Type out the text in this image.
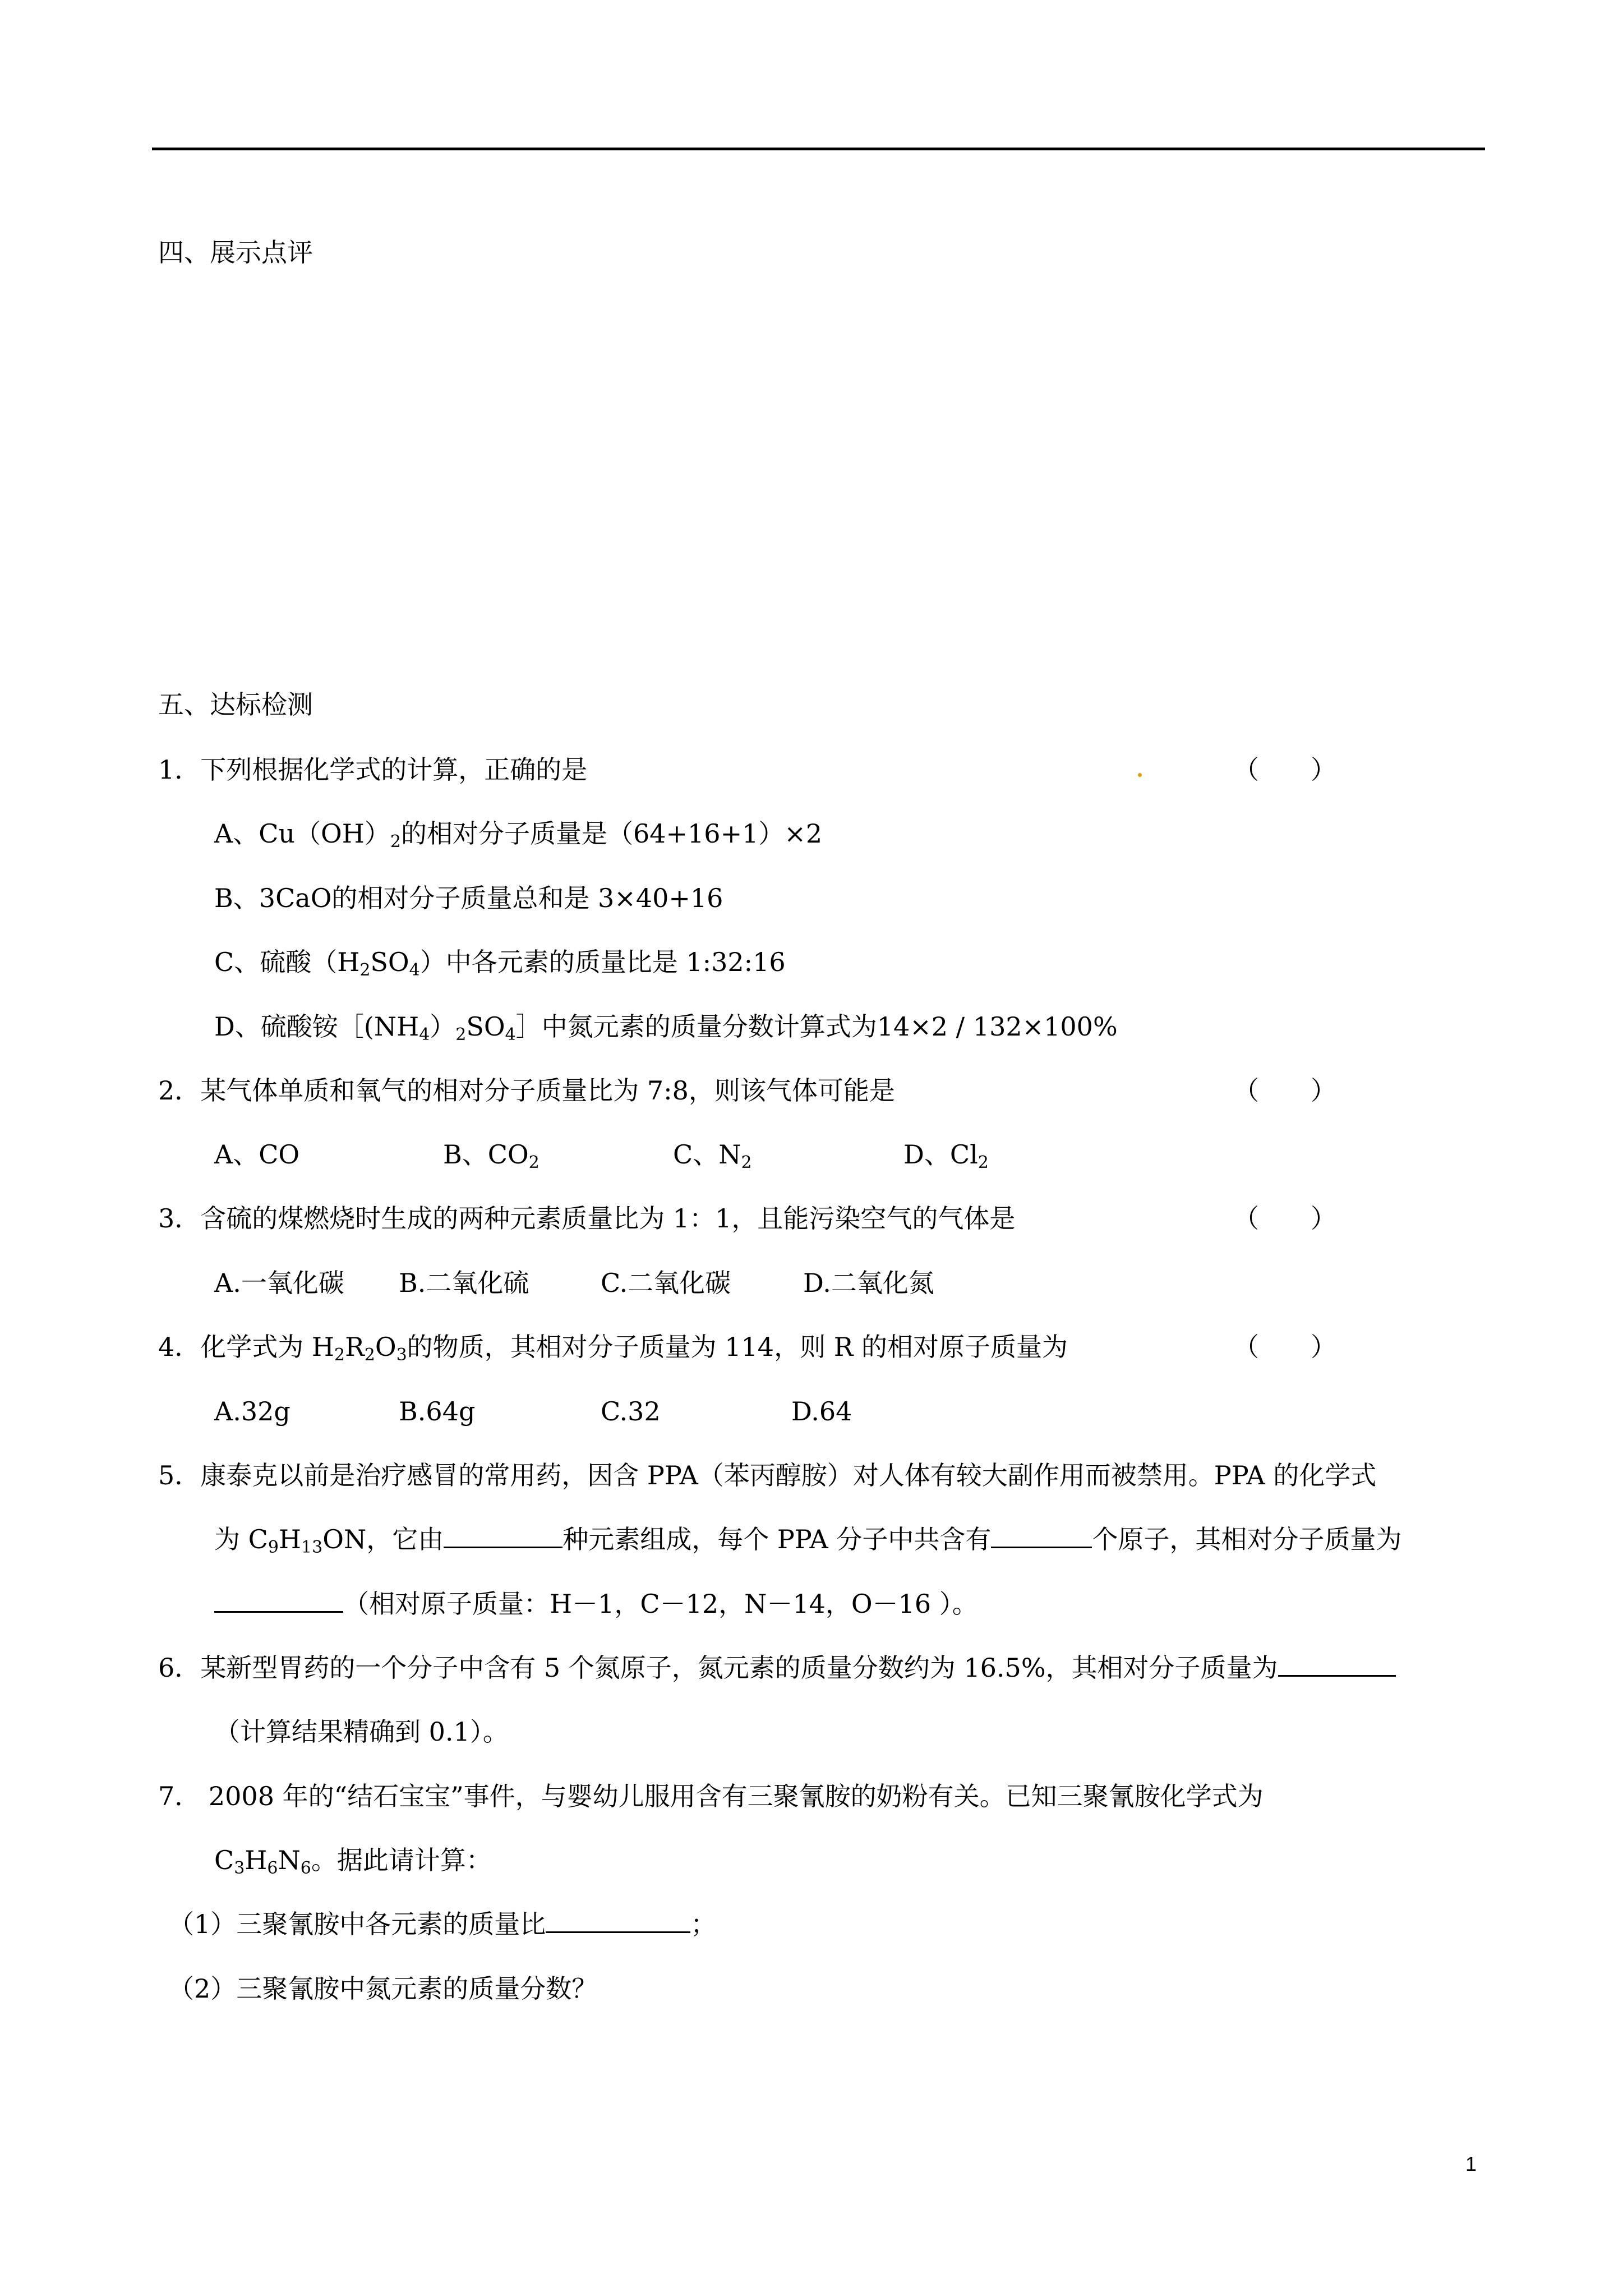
四、展示点评
五、达标检测
1．下列根据化学式的计算，正确的是	（　　）
A、$Cu(OH)_2$的相对分子质量是（64+16+1）×2
B、3CaO的相对分子质量总和是 3×40+16
C、硫酸$(H_2SO_4)$中各元素的质量比是 1:32:16
D、硫酸铵$[(NH_4)_2SO_4]$中氮元素的质量分数计算式为14×2 / 132×100%
2．某气体单质和氧气的相对分子质量比为 7:8，则该气体可能是	（　　）
A、CO	B、$CO_2$	C、$N_2$	D、$Cl_2$
3．含硫的煤燃烧时生成的两种元素质量比为 1：1，且能污染空气的气体是	（　　）
A.一氧化碳 B.二氧化硫	C.二氧化碳	D.二氧化氮
4．化学式为 $H_2R_2O_3$的物质，其相对分子质量为 114，则 R 的相对原子质量为	（　　）
A.32g	B.64g	C.32	D.64
5．康泰克以前是治疗感冒的常用药，因含 PPA（苯丙醇胺）对人体有较大副作用而被禁用。PPA 的化学式
为 $C_9H_{13}ON$，它由	种元素组成，每个 PPA 分子中共含有	个原子，其相对分子质量为
（相对原子质量：H－1，C－12，N－14，O－16 ）。
6．某新型胃药的一个分子中含有 5 个氮原子，氮元素的质量分数约为 16.5%，其相对分子质量为
（计算结果精确到 0.1）。
7． 2008 年的“结石宝宝”事件，与婴幼儿服用含有三聚氰胺的奶粉有关。已知三聚氰胺化学式为
$C_3H_6N_6$。据此请计算：
（1）三聚氰胺中各元素的质量比	；
（2）三聚氰胺中氮元素的质量分数？
1
